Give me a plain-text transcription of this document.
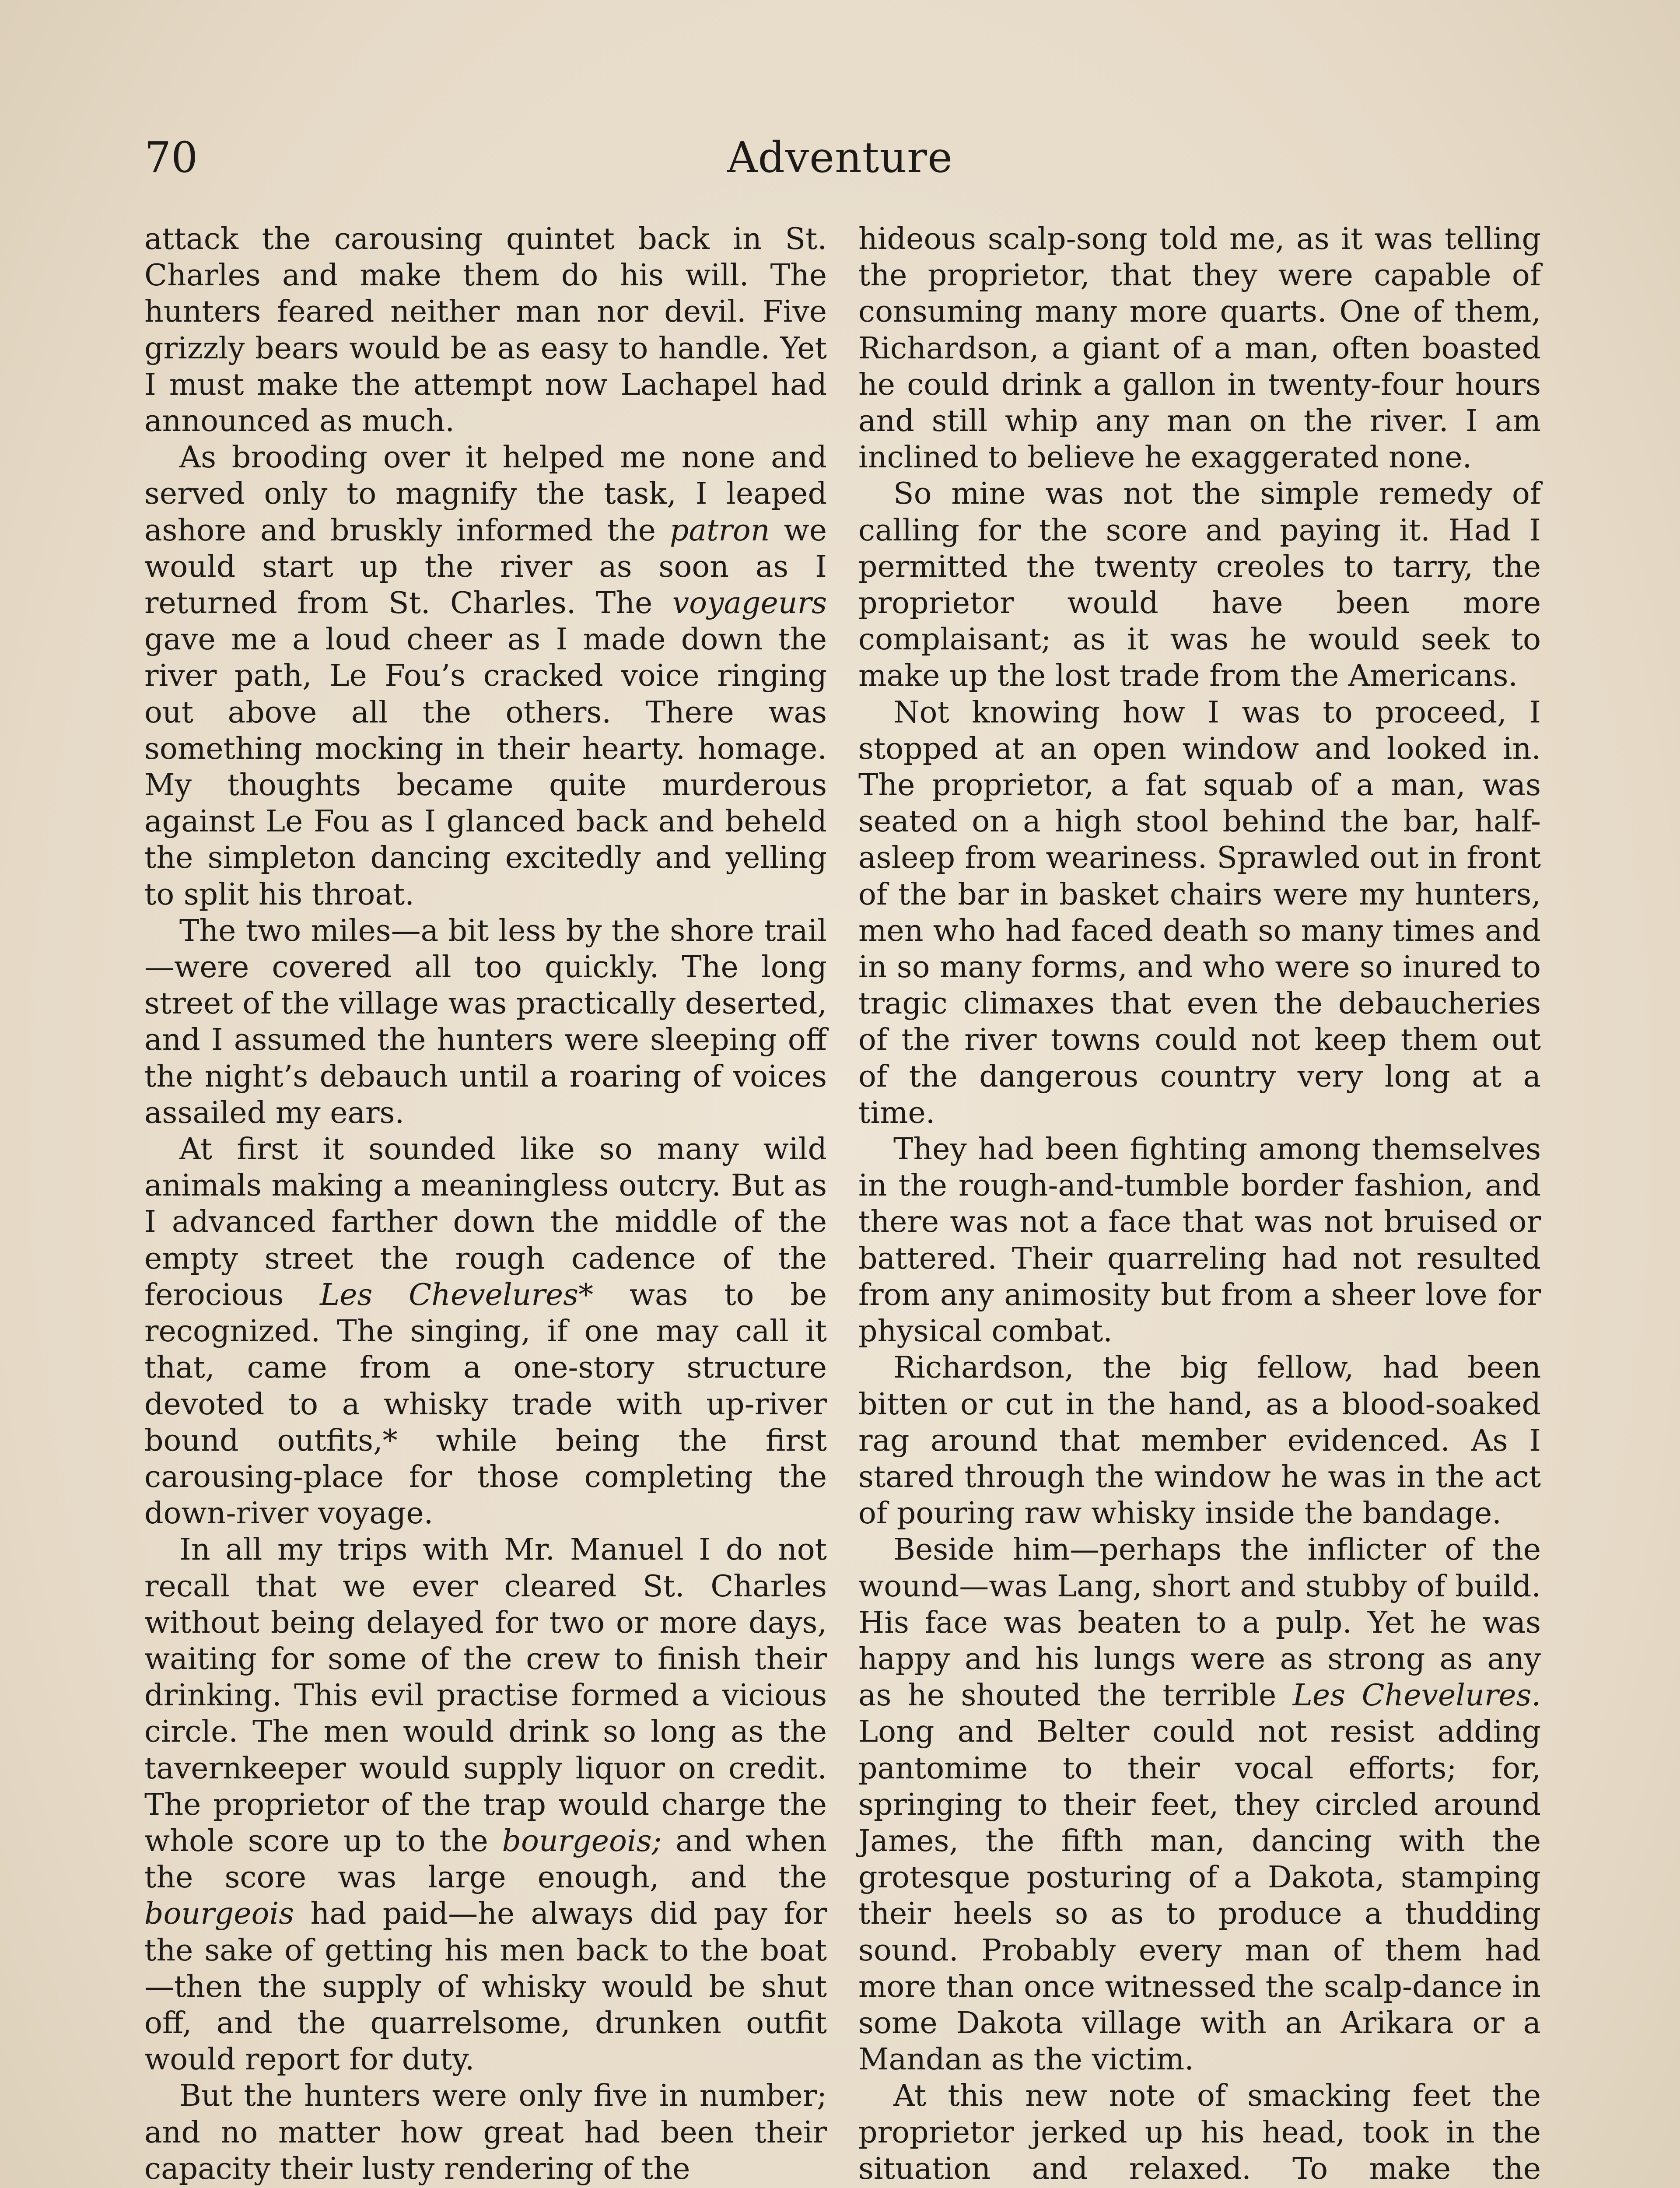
70	Adventure

attack the carousing quintet back in St. Charles and make them do his will. The hunters feared neither man nor devil. Five grizzly bears would be as easy to handle. Yet I must make the attempt now Lachapel had announced as much.

As brooding over it helped me none and served only to magnify the task, I leaped ashore and bruskly informed the patron we would start up the river as soon as I returned from St. Charles. The voyageurs gave me a loud cheer as I made down the river path, Le Fou’s cracked voice ringing out above all the others. There was something mocking in their hearty. homage. My thoughts became quite murderous against Le Fou as I glanced back and beheld the simpleton dancing excitedly and yelling to split his throat.

The two miles—a bit less by the shore trail—were covered all too quickly. The long street of the village was practically deserted, and I assumed the hunters were sleeping off the night’s debauch until a roaring of voices assailed my ears.

At first it sounded like so many wild animals making a meaningless outcry. But as I advanced farther down the middle of the empty street the rough cadence of the ferocious Les Chevelures* was to be recognized. The singing, if one may call it that, came from a one-story structure devoted to a whisky trade with up-river bound outfits,* while being the first carousing-place for those completing the down-river voyage.

In all my trips with Mr. Manuel I do not recall that we ever cleared St. Charles without being delayed for two or more days, waiting for some of the crew to finish their drinking. This evil practise formed a vicious circle. The men would drink so long as the tavernkeeper would supply liquor on credit. The proprietor of the trap would charge the whole score up to the bourgeois; and when the score was large enough, and the bourgeois had paid—he always did pay for the sake of getting his men back to the boat—then the supply of whisky would be shut off, and the quarrelsome, drunken outfit would report for duty.

But the hunters were only five in number; and no matter how great had been their capacity their lusty rendering of the

hideous scalp-song told me, as it was telling the proprietor, that they were capable of consuming many more quarts. One of them, Richardson, a giant of a man, often boasted he could drink a gallon in twenty-four hours and still whip any man on the river. I am inclined to believe he exaggerated none.

So mine was not the simple remedy of calling for the score and paying it. Had I permitted the twenty creoles to tarry, the proprietor would have been more complaisant; as it was he would seek to make up the lost trade from the Americans.

Not knowing how I was to proceed, I stopped at an open window and looked in. The proprietor, a fat squab of a man, was seated on a high stool behind the bar, half-asleep from weariness. Sprawled out in front of the bar in basket chairs were my hunters, men who had faced death so many times and in so many forms, and who were so inured to tragic climaxes that even the debaucheries of the river towns could not keep them out of the dangerous country very long at a time.

They had been fighting among themselves in the rough-and-tumble border fashion, and there was not a face that was not bruised or battered. Their quarreling had not resulted from any animosity but from a sheer love for physical combat.

Richardson, the big fellow, had been bitten or cut in the hand, as a blood-soaked rag around that member evidenced. As I stared through the window he was in the act of pouring raw whisky inside the bandage.

Beside him—perhaps the inflicter of the wound—was Lang, short and stubby of build. His face was beaten to a pulp. Yet he was happy and his lungs were as strong as any as he shouted the terrible Les Chevelures. Long and Belter could not resist adding pantomime to their vocal efforts; for, springing to their feet, they circled around James, the fifth man, dancing with the grotesque posturing of a Dakota, stamping their heels so as to produce a thudding sound. Probably every man of them had more than once witnessed the scalp-dance in some Dakota village with an Arikara or a Mandan as the victim.

At this new note of smacking feet the proprietor jerked up his head, took in the situation and relaxed. To make the
